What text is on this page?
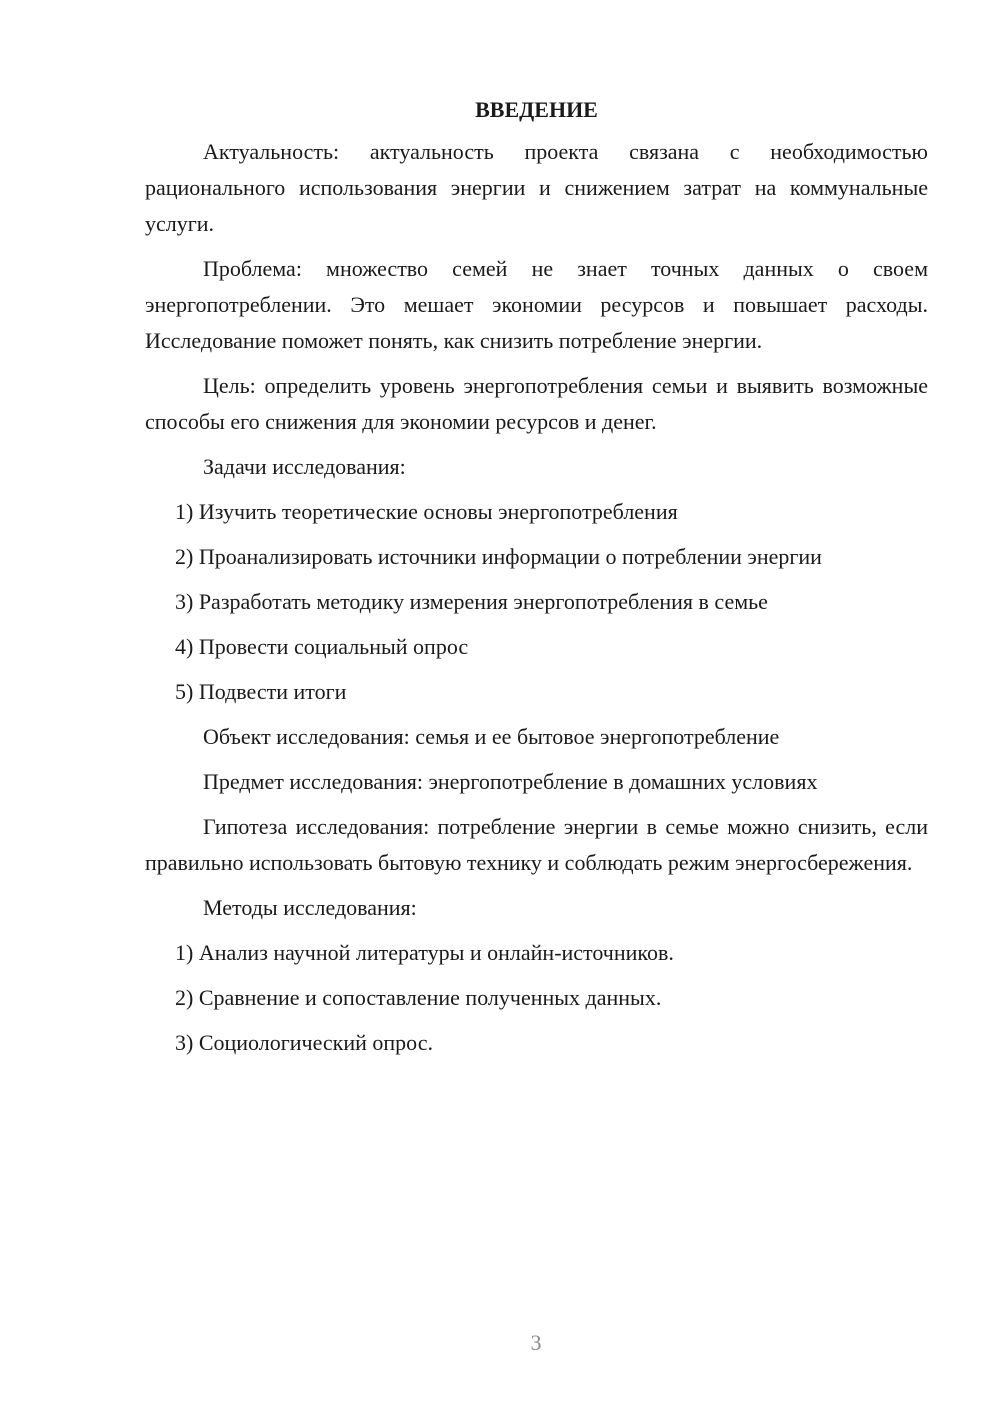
ВВЕДЕНИЕ

Актуальность: актуальность проекта связана с необходимостью рационального использования энергии и снижением затрат на коммунальные услуги.

Проблема: множество семей не знает точных данных о своем энергопотреблении. Это мешает экономии ресурсов и повышает расходы. Исследование поможет понять, как снизить потребление энергии.

Цель: определить уровень энергопотребления семьи и выявить возможные способы его снижения для экономии ресурсов и денег.

Задачи исследования:

1) Изучить теоретические основы энергопотребления
2) Проанализировать источники информации о потреблении энергии
3) Разработать методику измерения энергопотребления в семье
4) Провести социальный опрос
5) Подвести итоги

Объект исследования: семья и ее бытовое энергопотребление

Предмет исследования: энергопотребление в домашних условиях

Гипотеза исследования: потребление энергии в семье можно снизить, если правильно использовать бытовую технику и соблюдать режим энергосбережения.

Методы исследования:

1) Анализ научной литературы и онлайн-источников.
2) Сравнение и сопоставление полученных данных.
3) Социологический опрос.
3
